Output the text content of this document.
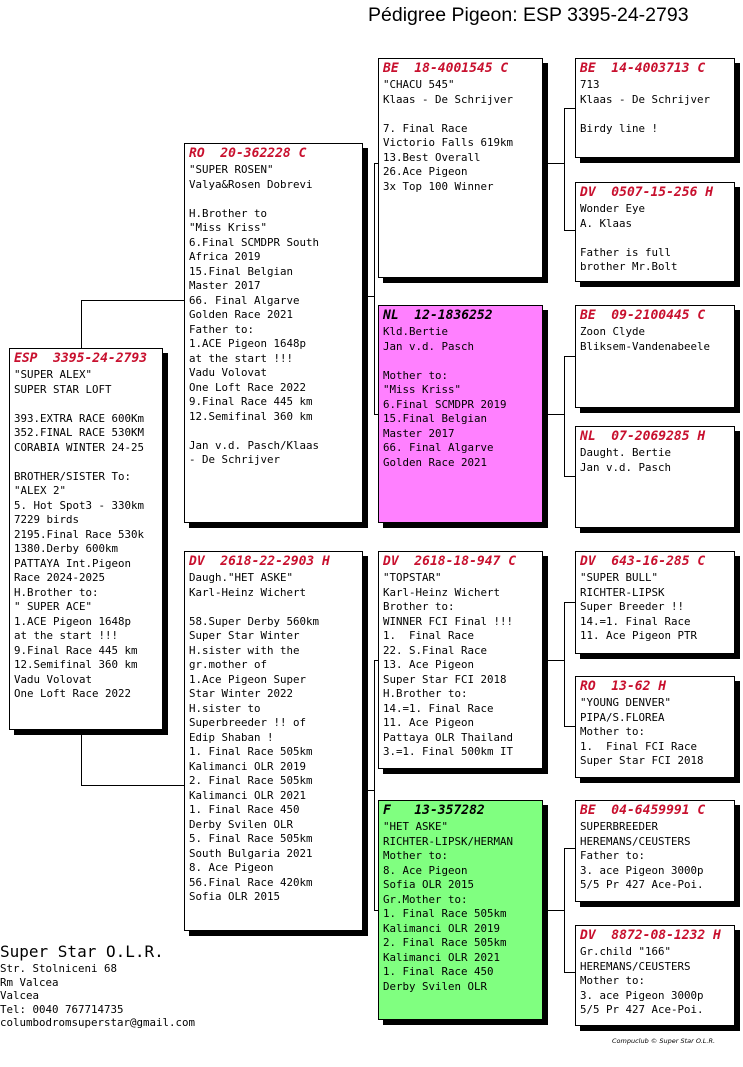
Pédigree Pigeon: ESP 3395-24-2793
ESP  3395-24-2793
"SUPER ALEX"
SUPER STAR LOFT

393.EXTRA RACE 600Km
352.FINAL RACE 530KM
CORABIA WINTER 24-25

BROTHER/SISTER To:
"ALEX 2"
5. Hot Spot3 - 330km
7229 birds
2195.Final Race 530k
1380.Derby 600km
PATTAYA Int.Pigeon
Race 2024-2025
H.Brother to:
" SUPER ACE"
1.ACE Pigeon 1648p
at the start !!!
9.Final Race 445 km
12.Semifinal 360 km
Vadu Volovat
One Loft Race 2022
RO  20-362228 C
"SUPER ROSEN"
Valya&Rosen Dobrevi

H.Brother to
"Miss Kriss"
6.Final SCMDPR South
Africa 2019
15.Final Belgian
Master 2017
66. Final Algarve
Golden Race 2021
Father to:
1.ACE Pigeon 1648p
at the start !!!
Vadu Volovat
One Loft Race 2022
9.Final Race 445 km
12.Semifinal 360 km

Jan v.d. Pasch/Klaas
- De Schrijver
DV  2618-22-2903 H
Daugh."HET ASKE"
Karl-Heinz Wichert

58.Super Derby 560km
Super Star Winter
H.sister with the
gr.mother of
1.Ace Pigeon Super
Star Winter 2022
H.sister to
Superbreeder !! of
Edip Shaban !
1. Final Race 505km
Kalimanci OLR 2019
2. Final Race 505km
Kalimanci OLR 2021
1. Final Race 450
Derby Svilen OLR
5. Final Race 505km
South Bulgaria 2021
8. Ace Pigeon
56.Final Race 420km
Sofia OLR 2015
BE  18-4001545 C
"CHACU 545"
Klaas - De Schrijver

7. Final Race
Victorio Falls 619km
13.Best Overall
26.Ace Pigeon
3x Top 100 Winner
NL  12-1836252
Kld.Bertie
Jan v.d. Pasch

Mother to:
"Miss Kriss"
6.Final SCMDPR 2019
15.Final Belgian
Master 2017
66. Final Algarve
Golden Race 2021
DV  2618-18-947 C
"TOPSTAR"
Karl-Heinz Wichert
Brother to:
WINNER FCI Final !!!
1.  Final Race
22. S.Final Race
13. Ace Pigeon
Super Star FCI 2018
H.Brother to:
14.=1. Final Race
11. Ace Pigeon
Pattaya OLR Thailand
3.=1. Final 500km IT
F   13-357282
"HET ASKE"
RICHTER-LIPSK/HERMAN
Mother to:
8. Ace Pigeon
Sofia OLR 2015
Gr.Mother to:
1. Final Race 505km
Kalimanci OLR 2019
2. Final Race 505km
Kalimanci OLR 2021
1. Final Race 450
Derby Svilen OLR
BE  14-4003713 C
713
Klaas - De Schrijver

Birdy line !
DV  0507-15-256 H
Wonder Eye
A. Klaas

Father is full
brother Mr.Bolt
BE  09-2100445 C
Zoon Clyde
Bliksem-Vandenabeele
NL  07-2069285 H
Daught. Bertie
Jan v.d. Pasch
DV  643-16-285 C
"SUPER BULL"
RICHTER-LIPSK
Super Breeder !!
14.=1. Final Race
11. Ace Pigeon PTR
RO  13-62 H
"YOUNG DENVER"
PIPA/S.FLOREA
Mother to:
1.  Final FCI Race
Super Star FCI 2018
BE  04-6459991 C
SUPERBREEDER
HEREMANS/CEUSTERS
Father to:
3. ace Pigeon 3000p
5/5 Pr 427 Ace-Poi.
DV  8872-08-1232 H
Gr.child "166"
HEREMANS/CEUSTERS
Mother to:
3. ace Pigeon 3000p
5/5 Pr 427 Ace-Poi.
Super Star O.L.R.
Str. Stolniceni 68
Rm Valcea
Valcea
Tel: 0040 767714735
columbodromsuperstar@gmail.com
Compuclub © Super Star O.L.R.
